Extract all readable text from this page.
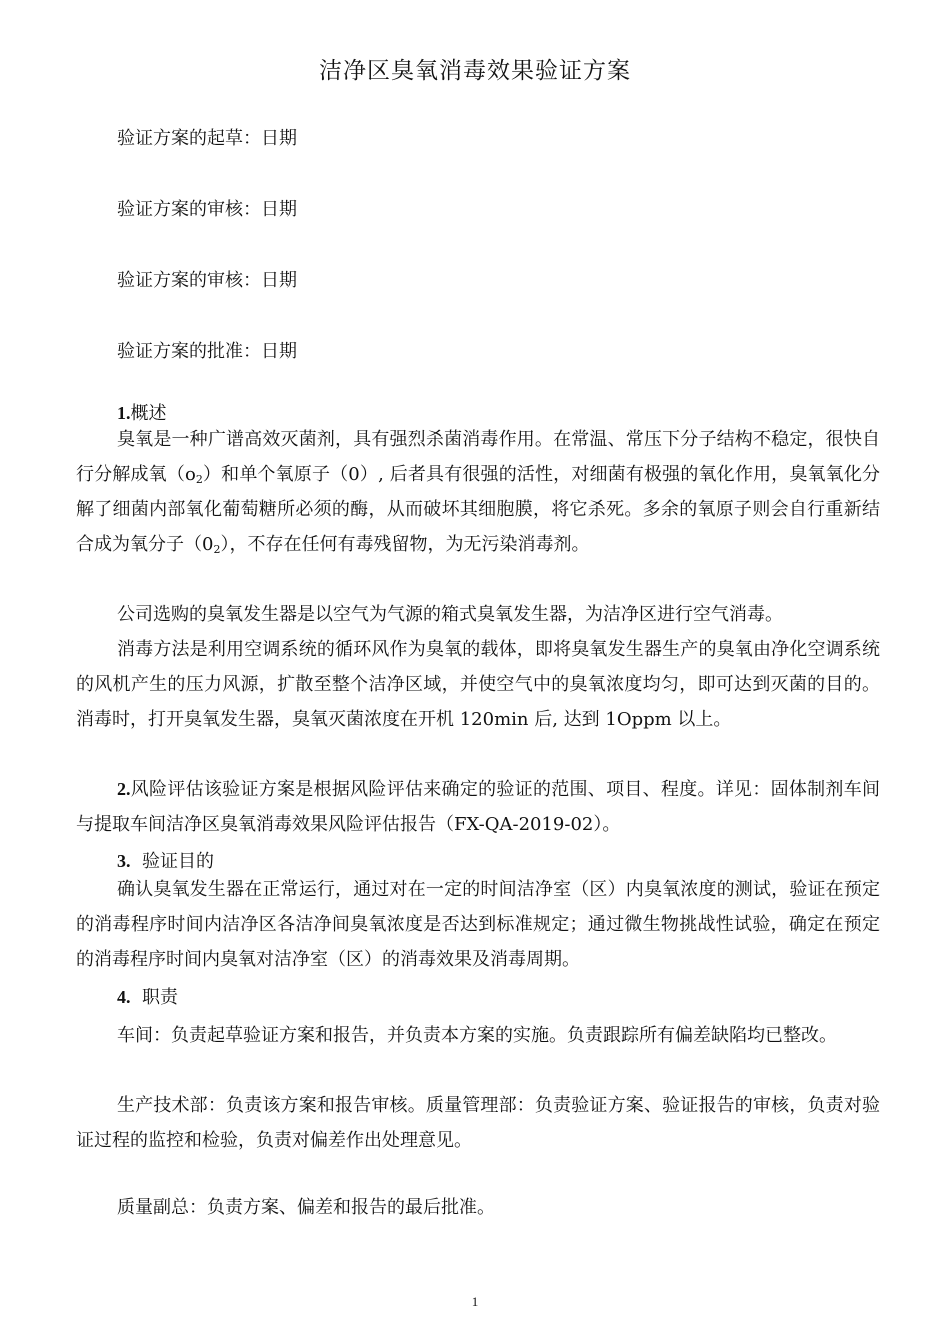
洁净区臭氧消毒效果验证方案
验证方案的起草：日期
验证方案的审核：日期
验证方案的审核：日期
验证方案的批准：日期
1.概述

臭氧是一种广谱高效灭菌剂，具有强烈杀菌消毒作用。在常温、常压下分子结构不稳定，很快自行分解成氧$(o_2)$和单个氧原子（0）, 后者具有很强的活性，对细菌有极强的氧化作用，臭氧氧化分解了细菌内部氧化葡萄糖所必须的酶，从而破坏其细胞膜，将它杀死。多余的氧原子则会自行重新结合成为氧分子$(0_2)$，不存在任何有毒残留物，为无污染消毒剂。

公司选购的臭氧发生器是以空气为气源的箱式臭氧发生器，为洁净区进行空气消毒。

消毒方法是利用空调系统的循环风作为臭氧的载体，即将臭氧发生器生产的臭氧由净化空调系统的风机产生的压力风源，扩散至整个洁净区域，并使空气中的臭氧浓度均匀，即可达到灭菌的目的。消毒时，打开臭氧发生器，臭氧灭菌浓度在开机 120min 后, 达到 1Oppm 以上。

2.风险评估该验证方案是根据风险评估来确定的验证的范围、项目、程度。详见：固体制剂车间与提取车间洁净区臭氧消毒效果风险评估报告（FX-QA-2019-02）。

3. 验证目的

确认臭氧发生器在正常运行，通过对在一定的时间洁净室（区）内臭氧浓度的测试，验证在预定的消毒程序时间内洁净区各洁净间臭氧浓度是否达到标准规定；通过微生物挑战性试验，确定在预定的消毒程序时间内臭氧对洁净室（区）的消毒效果及消毒周期。

4. 职责

车间：负责起草验证方案和报告，并负责本方案的实施。负责跟踪所有偏差缺陷均已整改。

生产技术部：负责该方案和报告审核。质量管理部：负责验证方案、验证报告的审核，负责对验证过程的监控和检验，负责对偏差作出处理意见。

质量副总：负责方案、偏差和报告的最后批准。

1
